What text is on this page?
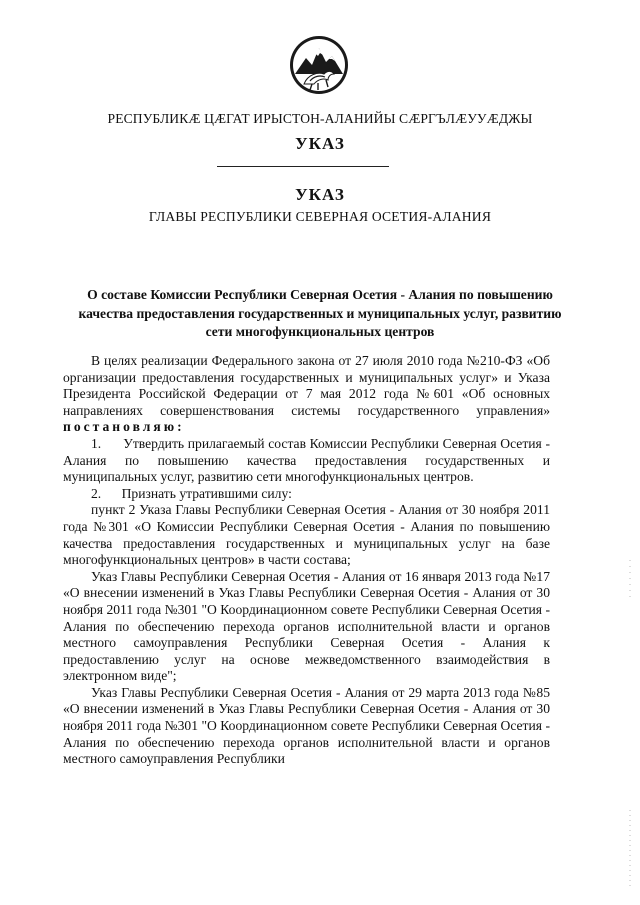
РЕСПУБЛИКӔ ЦӔГАТ ИРЫСТОН-АЛАНИЙЫ СӔРГЪЛӔУУӔДЖЫ
УКАЗ
УКАЗ
ГЛАВЫ РЕСПУБЛИКИ СЕВЕРНАЯ ОСЕТИЯ-АЛАНИЯ
О составе Комиссии Республики Северная Осетия - Алания по повышению качества предоставления государственных и муниципальных услуг, развитию сети многофункциональных центров

В целях реализации Федерального закона от 27 июля 2010 года №210-ФЗ «Об организации предоставления государственных и муниципальных услуг» и Указа Президента Российской Федерации от 7 мая 2012 года №601 «Об основных направлениях совершенствования системы государственного управления» постановляю:

1.      Утвердить прилагаемый состав Комиссии Республики Северная Осетия - Алания по повышению качества предоставления государственных и муниципальных услуг, развитию сети многофункциональных центров.

2.      Признать утратившими силу:

пункт 2 Указа Главы Республики Северная Осетия - Алания от 30 ноября 2011 года №301 «О Комиссии Республики Северная Осетия - Алания по повышению качества предоставления государственных и муниципальных услуг на базе многофункциональных центров» в части состава;

Указ Главы Республики Северная Осетия - Алания от 16 января 2013 года №17 «О внесении изменений в Указ Главы Республики Северная Осетия - Алания от 30 ноября 2011 года №301 "О Координационном совете Республики Северная Осетия - Алания по обеспечению перехода органов исполнительной власти и органов местного самоуправления Республики Северная Осетия - Алания к предоставлению услуг на основе межведомственного взаимодействия в электронном виде";

Указ Главы Республики Северная Осетия - Алания от 29 марта 2013 года №85 «О внесении изменений в Указ Главы Республики Северная Осетия - Алания от 30 ноября 2011 года №301 "О Координационном совете Республики Северная Осетия - Алания по обеспечению перехода органов исполнительной власти и органов местного самоуправления Республики
